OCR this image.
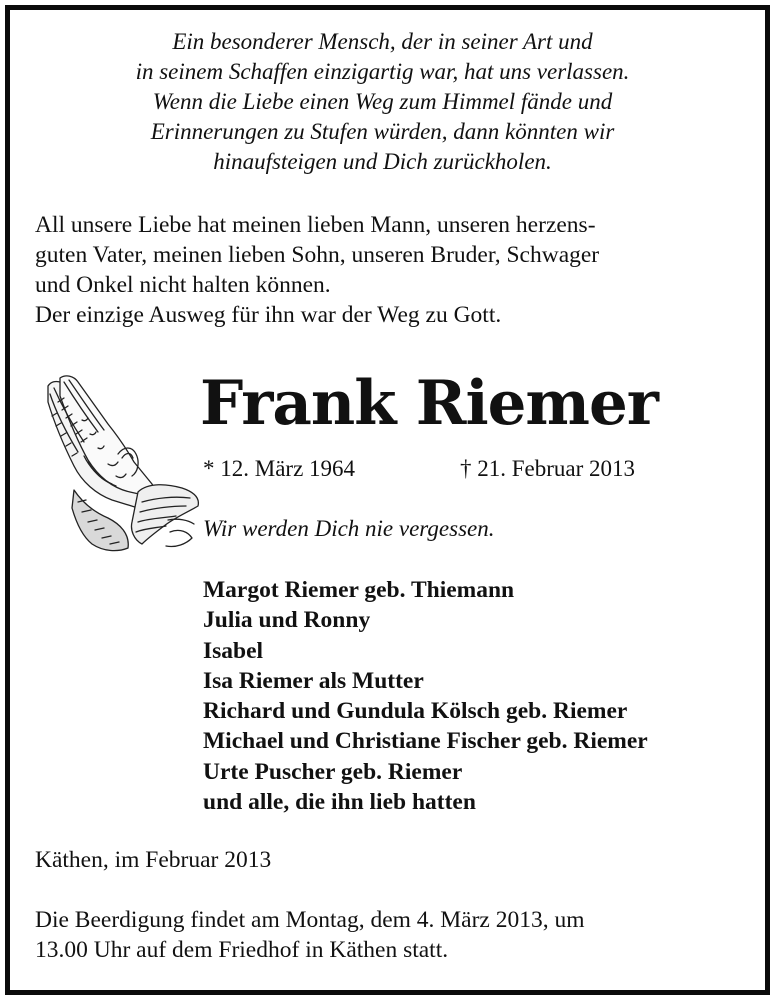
Ein besonderer Mensch, der in seiner Art und
in seinem Schaffen einzigartig war, hat uns verlassen.
Wenn die Liebe einen Weg zum Himmel fände und
Erinnerungen zu Stufen würden, dann könnten wir
hinaufsteigen und Dich zurückholen.
All unsere Liebe hat meinen lieben Mann, unseren herzens-
guten Vater, meinen lieben Sohn, unseren Bruder, Schwager
und Onkel nicht halten können.
Der einzige Ausweg für ihn war der Weg zu Gott.
Frank Riemer
* 12. März 1964	† 21. Februar 2013
Wir werden Dich nie vergessen.
Margot Riemer geb. Thiemann
Julia und Ronny
Isabel
Isa Riemer als Mutter
Richard und Gundula Kölsch geb. Riemer
Michael und Christiane Fischer geb. Riemer
Urte Puscher geb. Riemer
und alle, die ihn lieb hatten
Käthen, im Februar 2013
Die Beerdigung findet am Montag, dem 4. März 2013, um
13.00 Uhr auf dem Friedhof in Käthen statt.
